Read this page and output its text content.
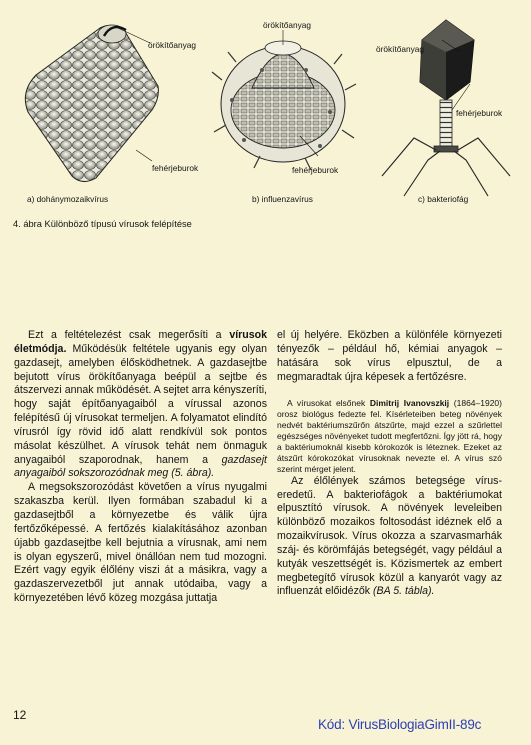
örökítőanyag
fehérjeburok
a) dohánymozaikvírus
örökítőanyag
fehérjeburok
b) influenzavírus
örökítőanyag
fehérjeburok
c) bakteriofág
4. ábra Különböző típusú vírusok felépítése

Ezt a feltételezést csak megerősíti a vírusok életmódja. Működésük feltétele ugyanis egy olyan gazdasejt, amelyben élősködhetnek. A gazdasejtbe bejutott vírus örökítőanyaga beépül a sejtbe és átszervezi annak működését. A sejtet arra kényszeríti, hogy saját építőanyagaiból a vírussal azonos felépítésű új vírusokat termeljen. A folyamatot elindító vírusról így rövid idő alatt rendkívül sok pontos másolat készülhet. A vírusok tehát nem önmaguk anyagaiból szaporodnak, hanem a gazdasejt anyagaiból sokszorozódnak meg (5. ábra).

A megsokszorozódást követően a vírus nyugalmi szakaszba kerül. Ilyen formában szabadul ki a gazdasejtből a környezetbe és válik újra fertőzőképessé. A fertőzés kialakításához azonban újabb gazdasejtbe kell bejutnia a vírusnak, ami nem is olyan egyszerű, mivel önállóan nem tud mozogni. Ezért vagy egyik élőlény viszi át a másikra, vagy a gazdaszervezetből jut annak utódaiba, vagy a környezetében lévő közeg mozgása juttatja

el új helyére. Eközben a különféle környezeti tényezők – például hő, kémiai anyagok – hatására sok vírus elpusztul, de a megmaradtak újra képesek a fertőzésre.

A vírusokat elsőnek Dimitrij Ivanovszkij (1864–1920) orosz biológus fedezte fel. Kísérleteiben beteg növények nedvét baktériumszűrőn átszűrte, majd ezzel a szűrlettel egészséges növényeket tudott megfertőzni. Így jött rá, hogy a baktériumoknál kisebb kórokozók is léteznek. Ezeket az átszűrt kórokozókat vírusoknak nevezte el. A vírus szó szerint mérget jelent.

Az élőlények számos betegsége vírus-eredetű. A bakteriofágok a baktériumokat elpusztító vírusok. A növények leveleiben különböző mozaikos foltosodást idéznek elő a mozaikvírusok. Vírus okozza a szarvasmarhák száj- és körömfájás betegségét, vagy például a kutyák veszettségét is. Közismertek az embert megbetegítő vírusok közül a kanyarót vagy az influenzát előidézők (BA 5. tábla).

12
Kód: VirusBiologiaGimII-89c
